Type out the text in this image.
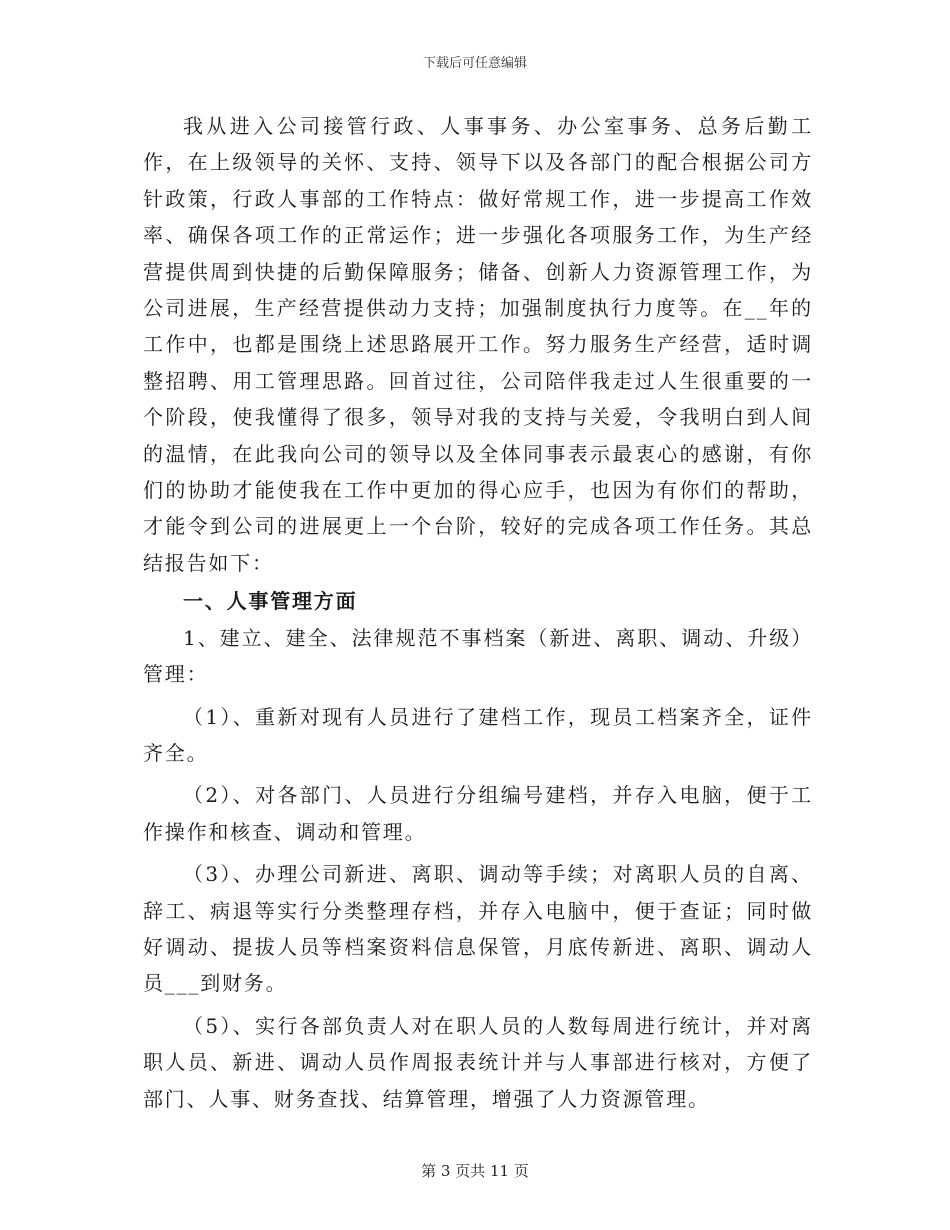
下载后可任意编辑

我从进入公司接管行政、人事事务、办公室事务、总务后勤工作，在上级领导的关怀、支持、领导下以及各部门的配合根据公司方针政策，行政人事部的工作特点：做好常规工作，进一步提高工作效率、确保各项工作的正常运作；进一步强化各项服务工作，为生产经营提供周到快捷的后勤保障服务；储备、创新人力资源管理工作，为公司进展，生产经营提供动力支持；加强制度执行力度等。在__年的工作中，也都是围绕上述思路展开工作。努力服务生产经营，适时调整招聘、用工管理思路。回首过往，公司陪伴我走过人生很重要的一个阶段，使我懂得了很多，领导对我的支持与关爱，令我明白到人间的温情，在此我向公司的领导以及全体同事表示最衷心的感谢，有你们的协助才能使我在工作中更加的得心应手，也因为有你们的帮助，才能令到公司的进展更上一个台阶，较好的完成各项工作任务。其总结报告如下：

一、人事管理方面

1、建立、建全、法律规范不事档案（新进、离职、调动、升级）管理：

（1）、重新对现有人员进行了建档工作，现员工档案齐全，证件齐全。

（2）、对各部门、人员进行分组编号建档，并存入电脑，便于工作操作和核查、调动和管理。

（3）、办理公司新进、离职、调动等手续；对离职人员的自离、辞工、病退等实行分类整理存档，并存入电脑中，便于查证；同时做好调动、提拔人员等档案资料信息保管，月底传新进、离职、调动人员___到财务。

（5）、实行各部负责人对在职人员的人数每周进行统计，并对离职人员、新进、调动人员作周报表统计并与人事部进行核对，方便了部门、人事、财务查找、结算管理，增强了人力资源管理。

第 3 页共 11 页
